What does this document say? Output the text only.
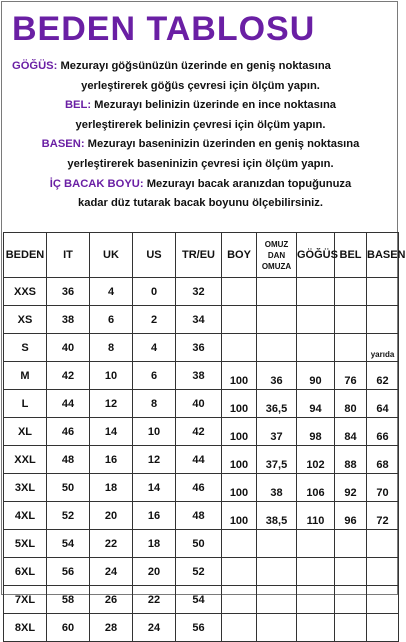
BEDEN TABLOSU

GÖĞÜS: Mezurayı göğsünüzün üzerinde en geniş noktasına

yerleştirerek göğüs çevresi için ölçüm yapın.

BEL: Mezurayı belinizin üzerinde en ince noktasına

yerleştirerek belinizin çevresi için ölçüm yapın.

BASEN: Mezurayı baseninizin üzerinden en geniş noktasına

yerleştirerek baseninizin çevresi için ölçüm yapın.

İÇ BACAK BOYU: Mezurayı bacak aranızdan topuğunuza

kadar düz tutarak bacak boyunu ölçebilirsiniz.

BEDEN	IT	UK	US	TR/EU	BOY	OMUZ DAN OMUZA	GÖĞÜS	BEL	BASEN
XXS	36	4	0	32					
XS	38	6	2	34					
S	40	8	4	36					yarıda
M	42	10	6	38	100	36	90	76	62
L	44	12	8	40	100	36,5	94	80	64
XL	46	14	10	42	100	37	98	84	66
XXL	48	16	12	44	100	37,5	102	88	68
3XL	50	18	14	46	100	38	106	92	70
4XL	52	20	16	48	100	38,5	110	96	72
5XL	54	22	18	50					
6XL	56	24	20	52					
7XL	58	26	22	54					
8XL	60	28	24	56					
